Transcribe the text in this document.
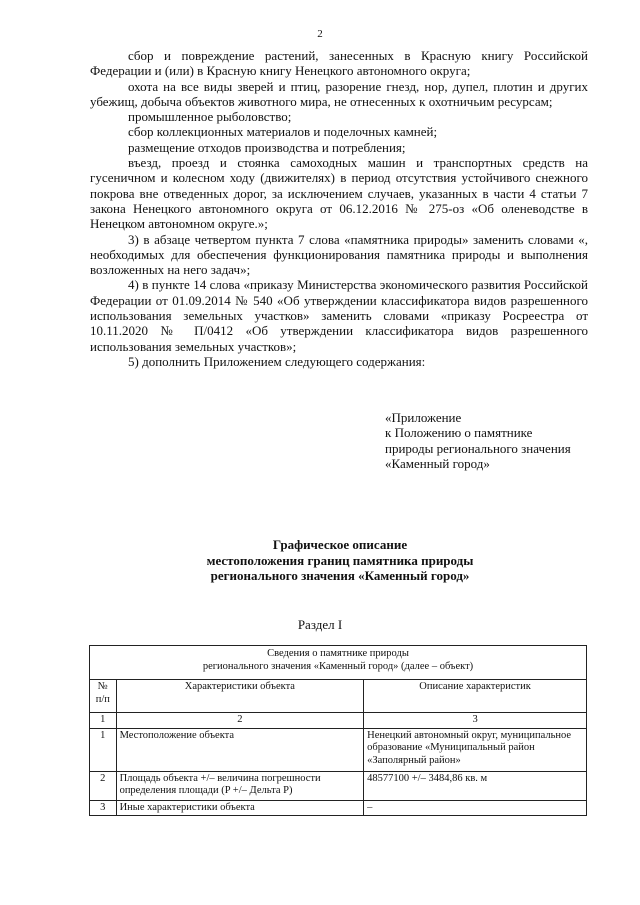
2

сбор и повреждение растений, занесенных в Красную книгу Российской Федерации и (или) в Красную книгу Ненецкого автономного округа;

охота на все виды зверей и птиц, разорение гнезд, нор, дупел, плотин и других убежищ, добыча объектов животного мира, не отнесенных к охотничьим ресурсам;

промышленное рыболовство;

сбор коллекционных материалов и поделочных камней;

размещение отходов производства и потребления;

въезд, проезд и стоянка самоходных машин и транспортных средств на гусеничном и колесном ходу (движителях) в период отсутствия устойчивого снежного покрова вне отведенных дорог, за исключением случаев, указанных в части 4 статьи 7 закона Ненецкого автономного округа от 06.12.2016 № 275-оз «Об оленеводстве в Ненецком автономном округе.»;

3) в абзаце четвертом пункта 7 слова «памятника природы» заменить словами «, необходимых для обеспечения функционирования памятника природы и выполнения возложенных на него задач»;

4) в пункте 14 слова «приказу Министерства экономического развития Российской Федерации от 01.09.2014 № 540 «Об утверждении классификатора видов разрешенного использования земельных участков» заменить словами «приказу Росреестра от 10.11.2020 № П/0412 «Об утверждении классификатора видов разрешенного использования земельных участков»;

5) дополнить Приложением следующего содержания:

«Приложение
к Положению о памятнике
природы регионального значения
«Каменный город»
Графическое описание
местоположения границ памятника природы
регионального значения «Каменный город»
Раздел I
Сведения о памятнике природы
регионального значения «Каменный город» (далее – объект)		

№ п/п	Характеристики объекта	Описание характеристик
1	2	3
1	Местоположение объекта	Ненецкий автономный округ, муниципальное образование «Муниципальный район «Заполярный район»
2	Площадь объекта +/– величина погрешности определения площади (P +/– Дельта P)	48577100 +/– 3484,86 кв. м
3	Иные характеристики объекта	–
